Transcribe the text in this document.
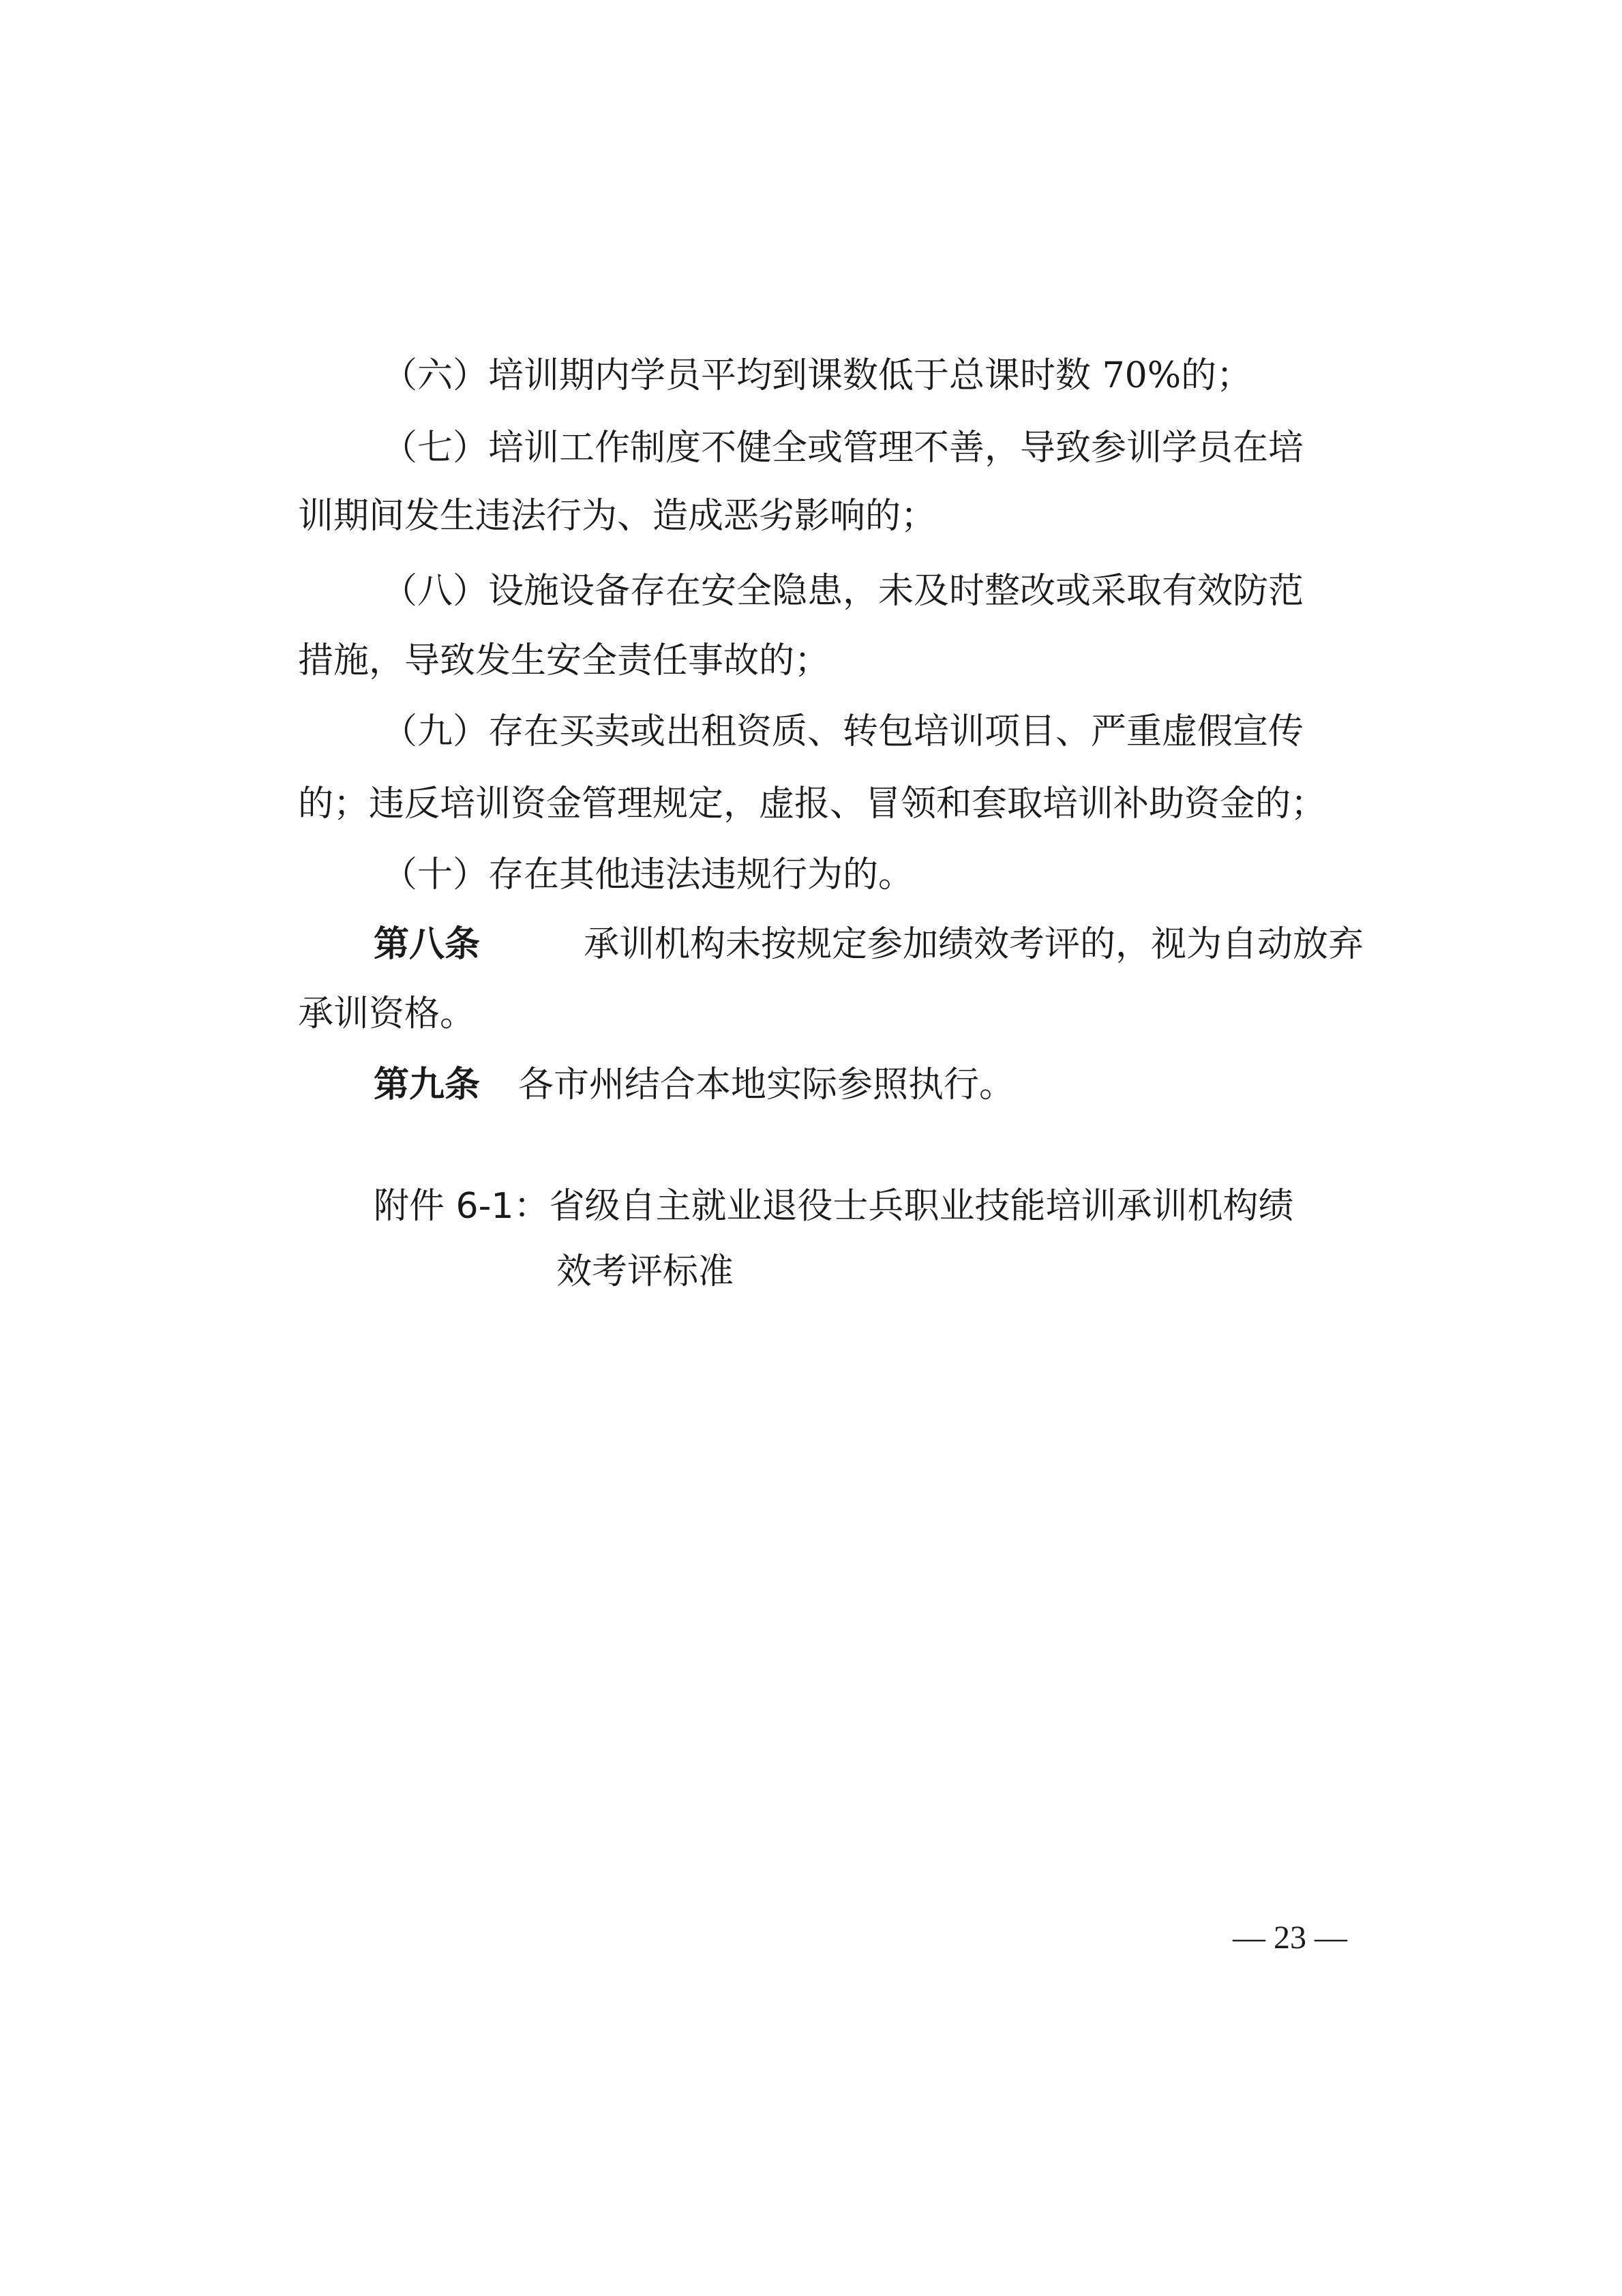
（六）培训期内学员平均到课数低于总课时数 70%的；
（七）培训工作制度不健全或管理不善，导致参训学员在培
训期间发生违法行为、造成恶劣影响的；
（八）设施设备存在安全隐患，未及时整改或采取有效防范
措施，导致发生安全责任事故的；
（九）存在买卖或出租资质、转包培训项目、严重虚假宣传
的；违反培训资金管理规定，虚报、冒领和套取培训补助资金的；
（十）存在其他违法违规行为的。
第八条	承训机构未按规定参加绩效考评的，视为自动放弃
承训资格。
第九条 各市州结合本地实际参照执行。
附件 6-1：省级自主就业退役士兵职业技能培训承训机构绩
效考评标准
— 23 —
